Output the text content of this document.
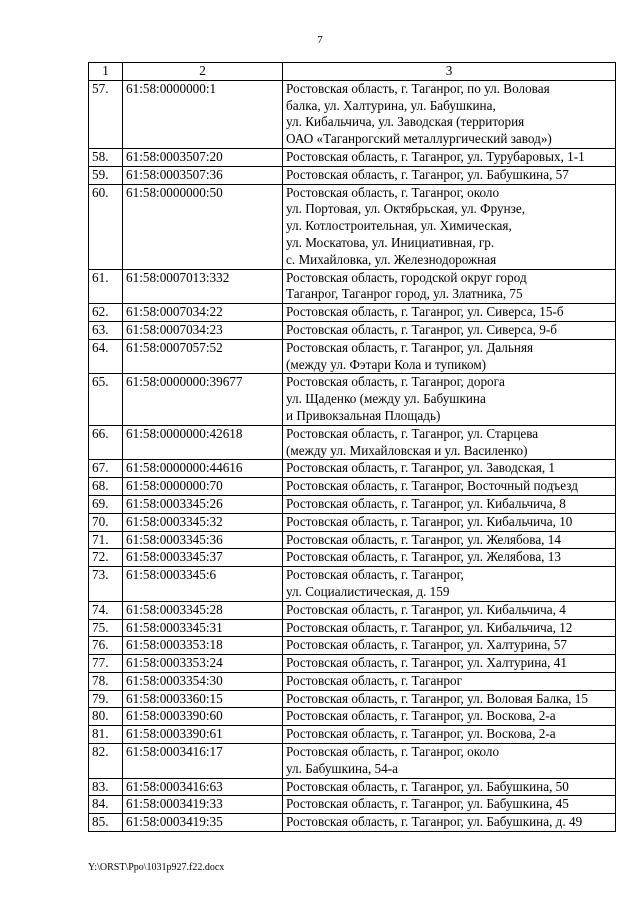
7
1	2	3
57.	61:58:0000000:1	Ростовская область, г. Таганрог, по ул. Воловая
балка, ул. Халтурина, ул. Бабушкина,
ул. Кибальчича, ул. Заводская (территория
ОАО «Таганрогский металлургический завод»)
58.	61:58:0003507:20	Ростовская область, г. Таганрог, ул. Турубаровых, 1-1
59.	61:58:0003507:36	Ростовская область, г. Таганрог, ул. Бабушкина, 57
60.	61:58:0000000:50	Ростовская область, г. Таганрог, около
ул. Портовая, ул. Октябрьская, ул. Фрунзе,
ул. Котлостроительная, ул. Химическая,
ул. Москатова, ул. Инициативная, гр.
с. Михайловка, ул. Железнодорожная
61.	61:58:0007013:332	Ростовская область, городской округ город
Таганрог, Таганрог город, ул. Златника, 75
62.	61:58:0007034:22	Ростовская область, г. Таганрог, ул. Сиверса, 15-б
63.	61:58:0007034:23	Ростовская область, г. Таганрог, ул. Сиверса, 9-б
64.	61:58:0007057:52	Ростовская область, г. Таганрог, ул. Дальняя
(между ул. Фэтари Кола и тупиком)
65.	61:58:0000000:39677	Ростовская область, г. Таганрог, дорога
ул. Щаденко (между ул. Бабушкина
и Привокзальная Площадь)
66.	61:58:0000000:42618	Ростовская область, г. Таганрог, ул. Старцева
(между ул. Михайловская и ул. Василенко)
67.	61:58:0000000:44616	Ростовская область, г. Таганрог, ул. Заводская, 1
68.	61:58:0000000:70	Ростовская область, г. Таганрог, Восточный подъезд
69.	61:58:0003345:26	Ростовская область, г. Таганрог, ул. Кибальчича, 8
70.	61:58:0003345:32	Ростовская область, г. Таганрог, ул. Кибальчича, 10
71.	61:58:0003345:36	Ростовская область, г. Таганрог, ул. Желябова, 14
72.	61:58:0003345:37	Ростовская область, г. Таганрог, ул. Желябова, 13
73.	61:58:0003345:6	Ростовская область, г. Таганрог,
ул. Социалистическая, д. 159
74.	61:58:0003345:28	Ростовская область, г. Таганрог, ул. Кибальчича, 4
75.	61:58:0003345:31	Ростовская область, г. Таганрог, ул. Кибальчича, 12
76.	61:58:0003353:18	Ростовская область, г. Таганрог, ул. Халтурина, 57
77.	61:58:0003353:24	Ростовская область, г. Таганрог, ул. Халтурина, 41
78.	61:58:0003354:30	Ростовская область, г. Таганрог
79.	61:58:0003360:15	Ростовская область, г. Таганрог, ул. Воловая Балка, 15
80.	61:58:0003390:60	Ростовская область, г. Таганрог, ул. Воскова, 2-а
81.	61:58:0003390:61	Ростовская область, г. Таганрог, ул. Воскова, 2-а
82.	61:58:0003416:17	Ростовская область, г. Таганрог, около
ул. Бабушкина, 54-а
83.	61:58:0003416:63	Ростовская область, г. Таганрог, ул. Бабушкина, 50
84.	61:58:0003419:33	Ростовская область, г. Таганрог, ул. Бабушкина, 45
85.	61:58:0003419:35	Ростовская область, г. Таганрог, ул. Бабушкина, д. 49
Y:\ORST\Ppo\1031p927.f22.docx
